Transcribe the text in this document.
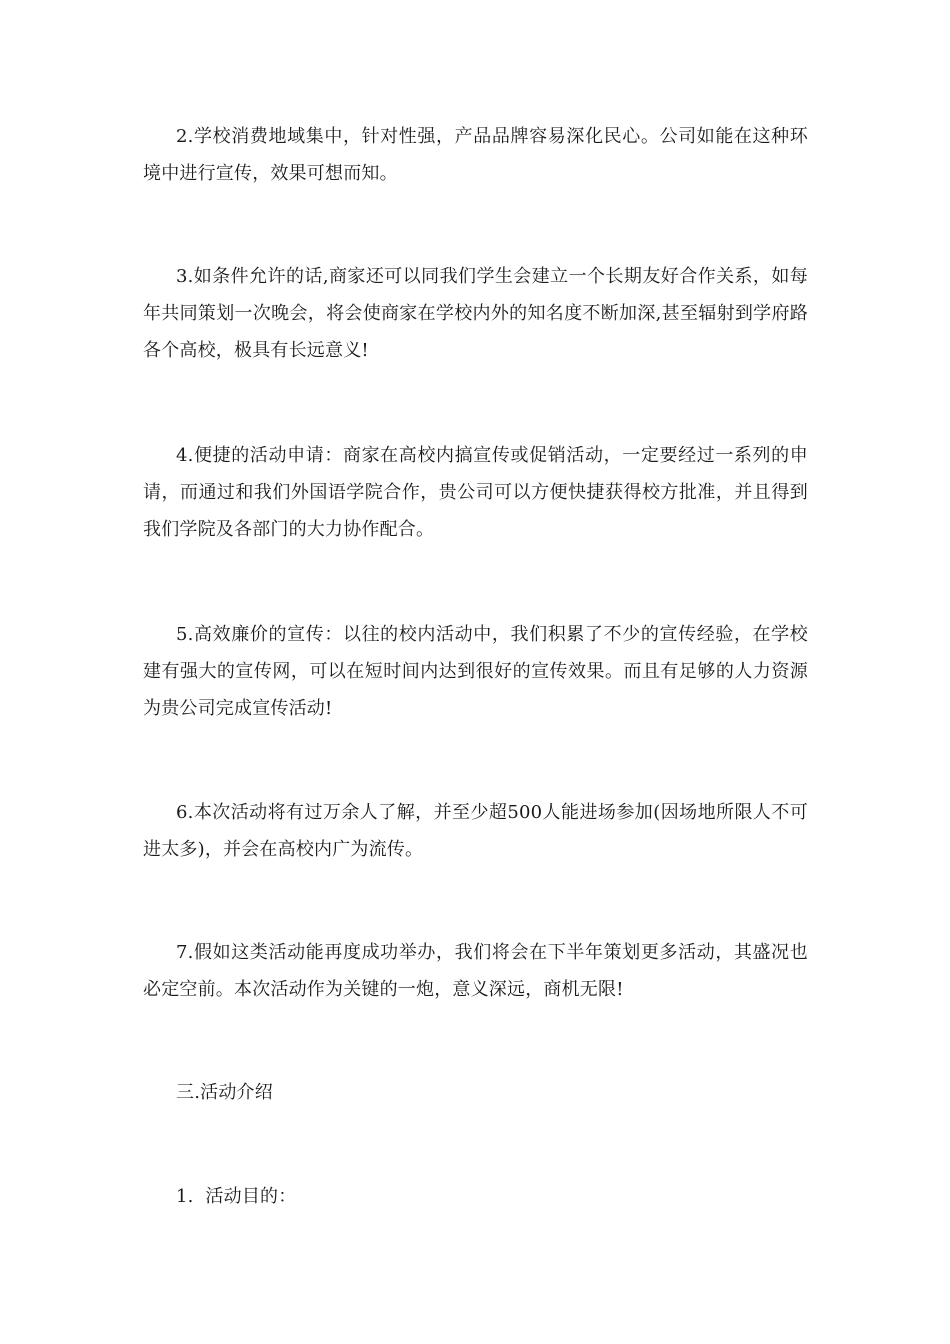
2.学校消费地域集中，针对性强，产品品牌容易深化民心。公司如能在这种环境中进行宣传，效果可想而知。

3.如条件允许的话,商家还可以同我们学生会建立一个长期友好合作关系，如每年共同策划一次晚会，将会使商家在学校内外的知名度不断加深,甚至辐射到学府路各个高校，极具有长远意义!

4.便捷的活动申请：商家在高校内搞宣传或促销活动，一定要经过一系列的申请，而通过和我们外国语学院合作，贵公司可以方便快捷获得校方批准，并且得到我们学院及各部门的大力协作配合。

5.高效廉价的宣传：以往的校内活动中，我们积累了不少的宣传经验，在学校建有强大的宣传网，可以在短时间内达到很好的宣传效果。而且有足够的人力资源为贵公司完成宣传活动!

6.本次活动将有过万余人了解，并至少超500人能进场参加(因场地所限人不可进太多)，并会在高校内广为流传。

7.假如这类活动能再度成功举办，我们将会在下半年策划更多活动，其盛况也必定空前。本次活动作为关键的一炮，意义深远，商机无限!

三.活动介绍

1.  活动目的：
